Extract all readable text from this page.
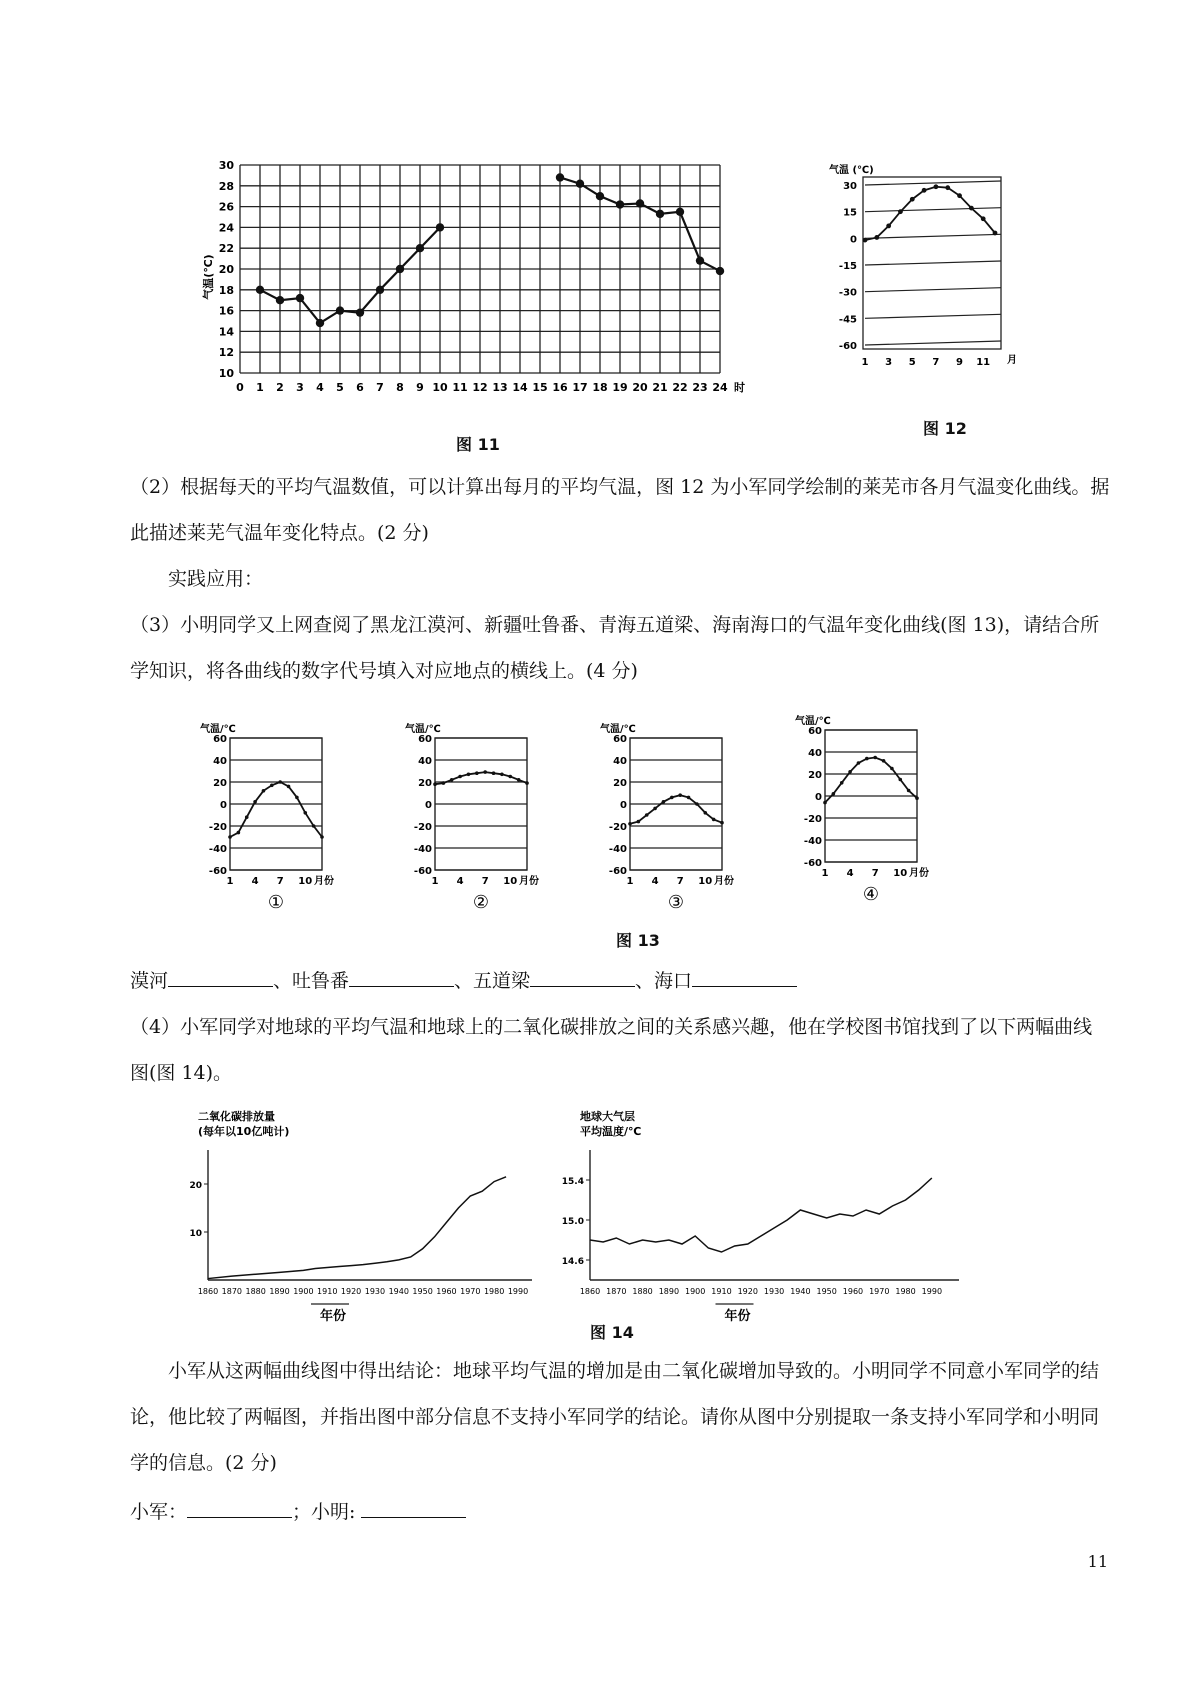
10
12
14
16
18
20
22
24
26
28
30
0 1 2 3 4 5 6 7 8 9 10 11 12 13 14 15 16 17 18 19 20 21 22 23 24 时
气温(℃)
图 11
30
15
0
-15
-30
-45
-60
1 3 5 7 9 11 月
气温 (℃)
图 12
（2）根据每天的平均气温数值，可以计算出每月的平均气温，图 12 为小军同学绘制的莱芜市各月气温变化曲线。据此描述莱芜气温年变化特点。(2 分)
实践应用：
（3）小明同学又上网查阅了黑龙江漠河、新疆吐鲁番、青海五道梁、海南海口的气温年变化曲线(图 13)，请结合所学知识，将各曲线的数字代号填入对应地点的横线上。(4 分)
60
40
20
0
-20
-40
-60
1 4 7 10 月份
气温/℃
①
60
40
20
0
-20
-40
-60
1 4 7 10 月份
气温/℃
②
60
40
20
0
-20
-40
-60
1 4 7 10 月份
气温/℃
③
60
40
20
0
-20
-40
-60
1 4 7 10 月份
气温/℃
④
图 13
漠河	、吐鲁番	、五道梁	、海口
（4）小军同学对地球的平均气温和地球上的二氧化碳排放之间的关系感兴趣，他在学校图书馆找到了以下两幅曲线图(图 14)。
10
20
1860 1870 1880 1890 1900 1910 1920 1930 1940 1950 1960 1970 1980 1990
二氧化碳排放量
(每年以10亿吨计)
年份
14.6
15.0
15.4
1860 1870 1880 1890 1900 1910 1920 1930 1940 1950 1960 1970 1980 1990
地球大气层
平均温度/℃
年份
图 14
小军从这两幅曲线图中得出结论：地球平均气温的增加是由二氧化碳增加导致的。小明同学不同意小军同学的结论，他比较了两幅图，并指出图中部分信息不支持小军同学的结论。请你从图中分别提取一条支持小军同学和小明同学的信息。(2 分)
小军：	；小明:
11
